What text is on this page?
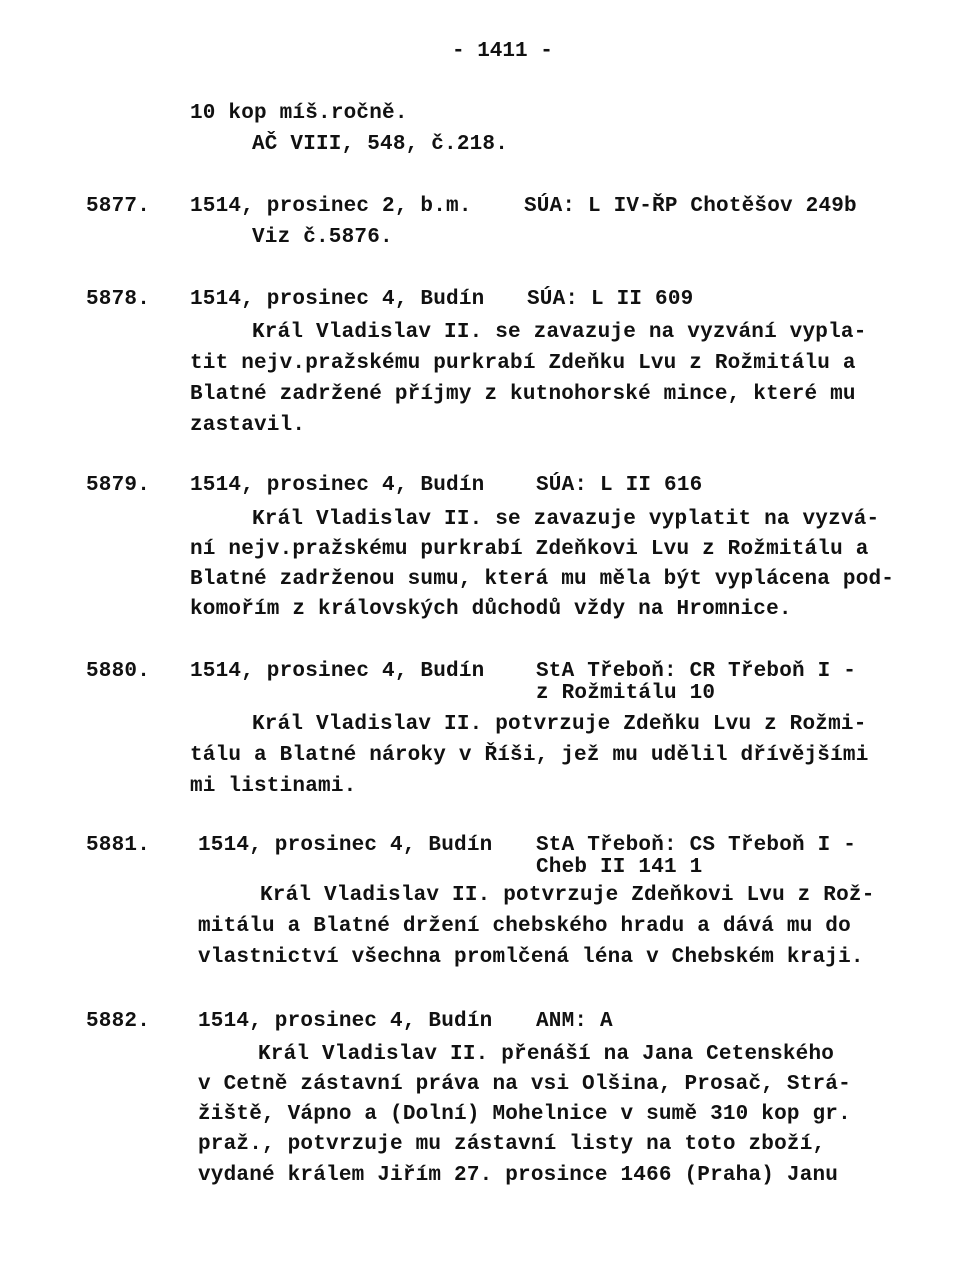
- 1411 -
10 kop míš.ročně.
AČ VIII, 548, č.218.
5877. 1514, prosinec 2, b.m. SÚA: L IV-ŘP Chotěšov 249b
Viz č.5876.
5878. 1514, prosinec 4, Budín SÚA: L II 609
Král Vladislav II. se zavazuje na vyzvání vypla-
tit nejv.pražskému purkrabí Zdeňku Lvu z Rožmitálu a
Blatné zadržené příjmy z kutnohorské mince, které mu
zastavil.
5879. 1514, prosinec 4, Budín SÚA: L II 616
Král Vladislav II. se zavazuje vyplatit na vyzvá-
ní nejv.pražskému purkrabí Zdeňkovi Lvu z Rožmitálu a
Blatné zadrženou sumu, která mu měla být vyplácena pod-
komořím z královských důchodů vždy na Hromnice.
5880. 1514, prosinec 4, Budín StA Třeboň: CR Třeboň I -
z Rožmitálu 10
Král Vladislav II. potvrzuje Zdeňku Lvu z Rožmi-
tálu a Blatné nároky v Říši, jež mu udělil dřívějšími
mi listinami.
5881. 1514, prosinec 4, Budín StA Třeboň: CS Třeboň I -
Cheb II 141 1
Král Vladislav II. potvrzuje Zdeňkovi Lvu z Rož-
mitálu a Blatné držení chebského hradu a dává mu do
vlastnictví všechna promlčená léna v Chebském kraji.
5882. 1514, prosinec 4, Budín ANM: A
Král Vladislav II. přenáší na Jana Cetenského
v Cetně zástavní práva na vsi Olšina, Prosač, Strá-
žiště, Vápno a (Dolní) Mohelnice v sumě 310 kop gr.
praž., potvrzuje mu zástavní listy na toto zboží,
vydané králem Jiřím 27. prosince 1466 (Praha) Janu
